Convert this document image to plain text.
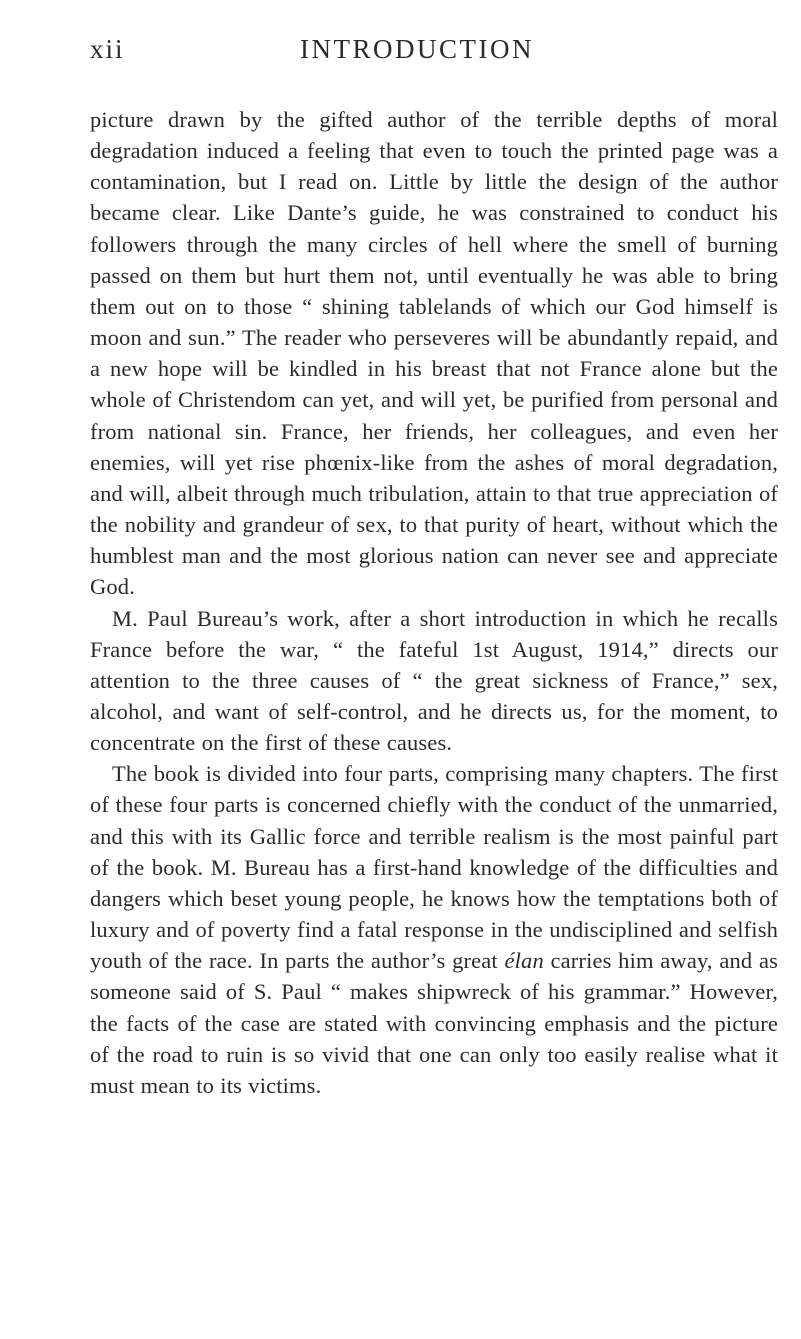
xii	INTRODUCTION

picture drawn by the gifted author of the terrible depths of moral degradation induced a feeling that even to touch the printed page was a contamination, but I read on. Little by little the design of the author became clear. Like Dante’s guide, he was constrained to conduct his followers through the many circles of hell where the smell of burning passed on them but hurt them not, until eventually he was able to bring them out on to those “ shining tablelands of which our God himself is moon and sun.” The reader who perseveres will be abundantly repaid, and a new hope will be kindled in his breast that not France alone but the whole of Christendom can yet, and will yet, be purified from personal and from national sin. France, her friends, her colleagues, and even her enemies, will yet rise phœnix-like from the ashes of moral degradation, and will, albeit through much tribulation, attain to that true appreciation of the nobility and grandeur of sex, to that purity of heart, without which the humblest man and the most glorious nation can never see and appreciate God.

M. Paul Bureau’s work, after a short introduction in which he recalls France before the war, “ the fateful 1st August, 1914,” directs our attention to the three causes of “ the great sickness of France,” sex, alcohol, and want of self-control, and he directs us, for the moment, to concentrate on the first of these causes.

The book is divided into four parts, comprising many chapters. The first of these four parts is concerned chiefly with the conduct of the unmarried, and this with its Gallic force and terrible realism is the most painful part of the book. M. Bureau has a first-hand knowledge of the difficulties and dangers which beset young people, he knows how the temptations both of luxury and of poverty find a fatal response in the undisciplined and selfish youth of the race. In parts the author’s great élan carries him away, and as someone said of S. Paul “ makes shipwreck of his grammar.” However, the facts of the case are stated with convincing emphasis and the picture of the road to ruin is so vivid that one can only too easily realise what it must mean to its victims.
